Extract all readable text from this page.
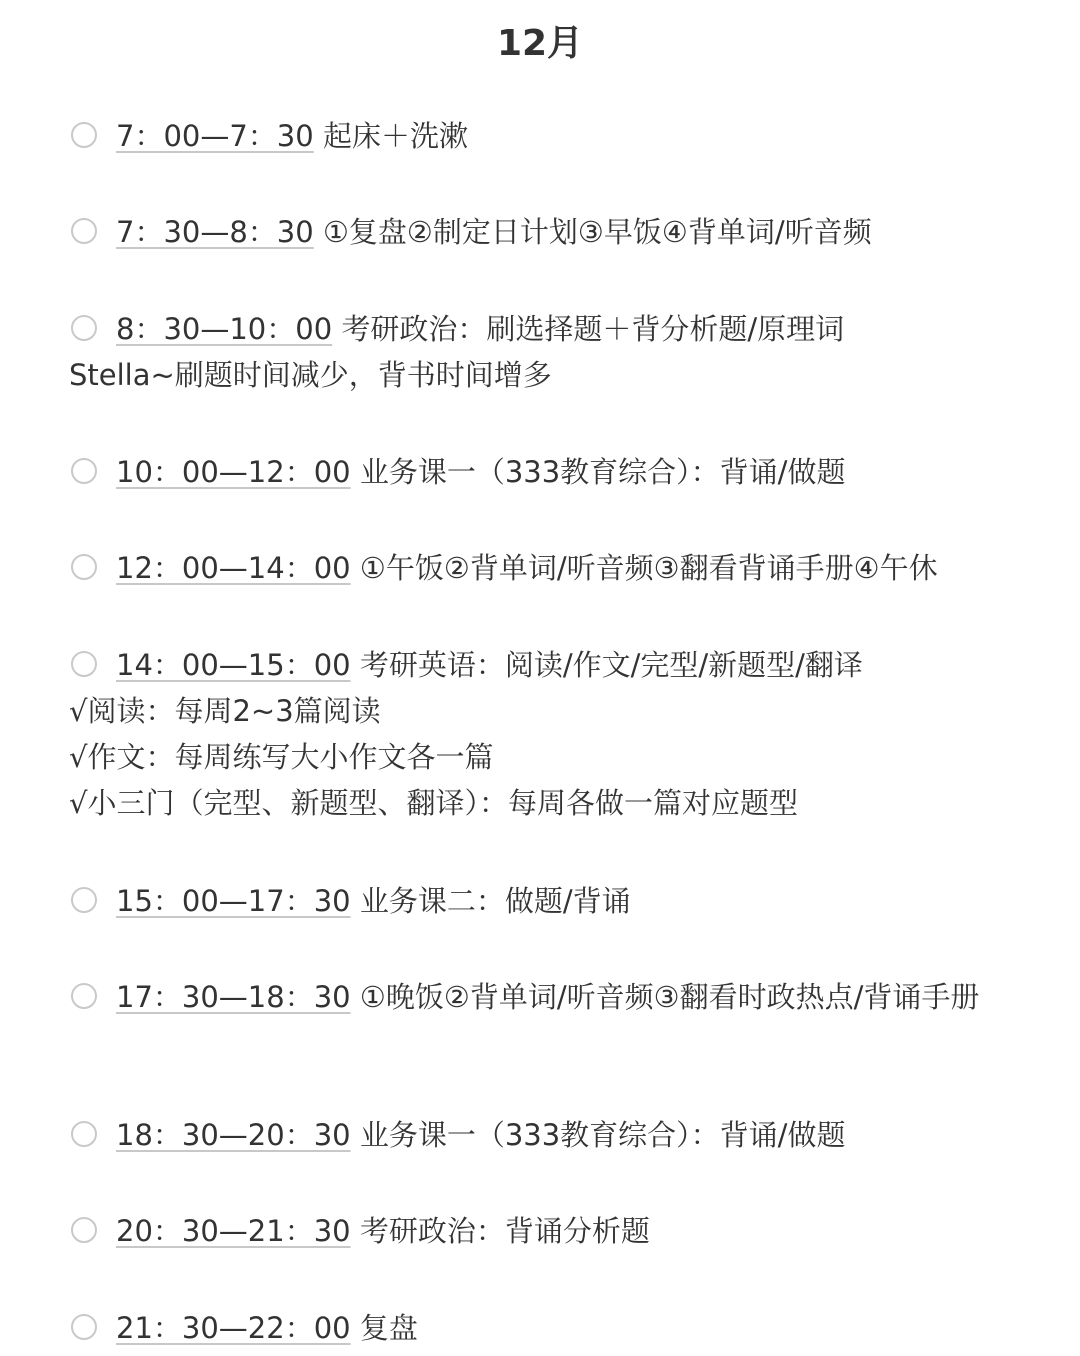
12月
7：00—7：30 起床＋洗漱
7：30—8：30 ①复盘②制定日计划③早饭④背单词/听音频
8：30—10：00 考研政治：刷选择题＋背分析题/原理词
Stella~刷题时间减少，背书时间增多
10：00—12：00 业务课一（333教育综合）：背诵/做题
12：00—14：00 ①午饭②背单词/听音频③翻看背诵手册④午休
14：00—15：00 考研英语：阅读/作文/完型/新题型/翻译
√阅读：每周2~3篇阅读
√作文：每周练写大小作文各一篇
√小三门（完型、新题型、翻译）：每周各做一篇对应题型
15：00—17：30 业务课二：做题/背诵
17：30—18：30 ①晚饭②背单词/听音频③翻看时政热点/背诵手册
18：30—20：30 业务课一（333教育综合）：背诵/做题
20：30—21：30 考研政治：背诵分析题
21：30—22：00 复盘
